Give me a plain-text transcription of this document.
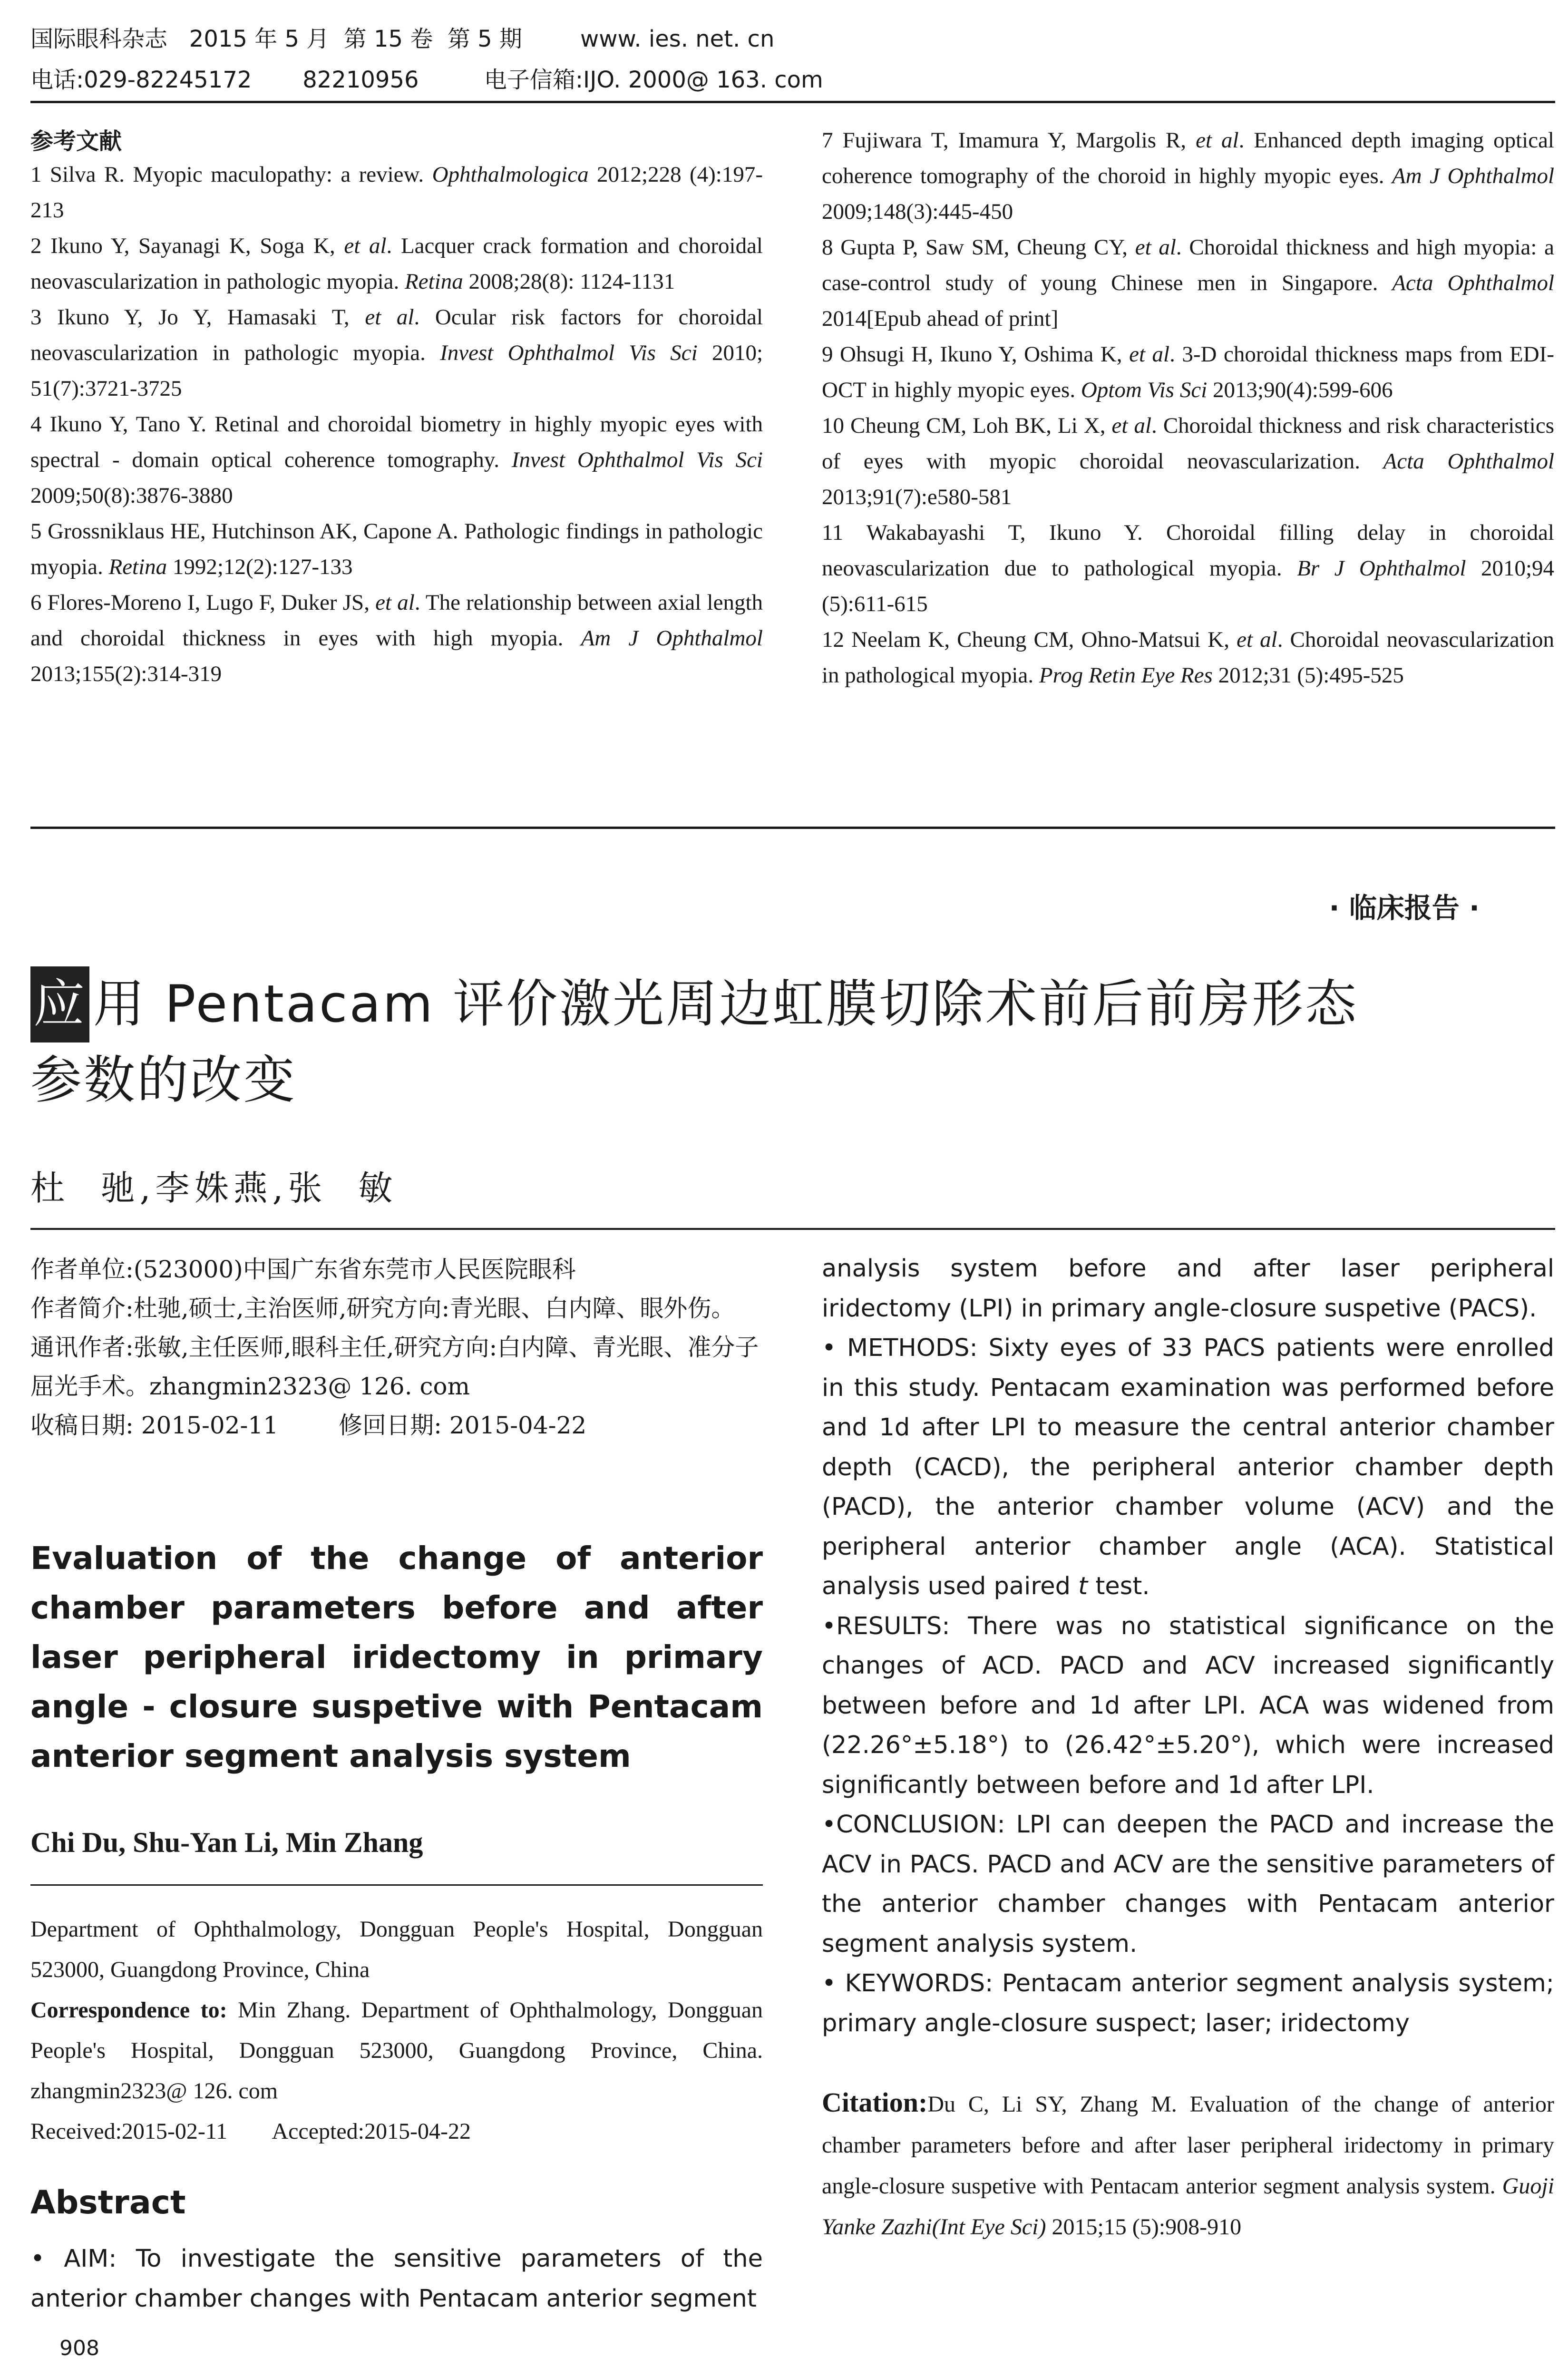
国际眼科杂志   2015 年 5 月  第 15 卷  第 5 期        www. ies. net. cn
电话:029-82245172       82210956         电子信箱:IJO. 2000@ 163. com
参考文献

1 Silva R. Myopic maculopathy: a review. Ophthalmologica 2012;228 (4):197-213

2 Ikuno Y, Sayanagi K, Soga K, et al. Lacquer crack formation and choroidal neovascularization in pathologic myopia. Retina 2008;28(8): 1124-1131

3 Ikuno Y, Jo Y, Hamasaki T, et al. Ocular risk factors for choroidal neovascularization in pathologic myopia. Invest Ophthalmol Vis Sci 2010; 51(7):3721-3725

4 Ikuno Y, Tano Y. Retinal and choroidal biometry in highly myopic eyes with spectral - domain optical coherence tomography. Invest Ophthalmol Vis Sci 2009;50(8):3876-3880

5 Grossniklaus HE, Hutchinson AK, Capone A. Pathologic findings in pathologic myopia. Retina 1992;12(2):127-133

6 Flores-Moreno I, Lugo F, Duker JS, et al. The relationship between axial length and choroidal thickness in eyes with high myopia. Am J Ophthalmol 2013;155(2):314-319

7 Fujiwara T, Imamura Y, Margolis R, et al. Enhanced depth imaging optical coherence tomography of the choroid in highly myopic eyes. Am J Ophthalmol 2009;148(3):445-450

8 Gupta P, Saw SM, Cheung CY, et al. Choroidal thickness and high myopia: a case-control study of young Chinese men in Singapore. Acta Ophthalmol 2014[Epub ahead of print]

9 Ohsugi H, Ikuno Y, Oshima K, et al. 3-D choroidal thickness maps from EDI-OCT in highly myopic eyes. Optom Vis Sci 2013;90(4):599-606

10 Cheung CM, Loh BK, Li X, et al. Choroidal thickness and risk characteristics of eyes with myopic choroidal neovascularization. Acta Ophthalmol 2013;91(7):e580-581

11 Wakabayashi T, Ikuno Y. Choroidal filling delay in choroidal neovascularization due to pathological myopia. Br J Ophthalmol 2010;94 (5):611-615

12 Neelam K, Cheung CM, Ohno-Matsui K, et al. Choroidal neovascularization in pathological myopia. Prog Retin Eye Res 2012;31 (5):495-525

· 临床报告 ·
应 用 Pentacam 评价激光周边虹膜切除术前后前房形态
参数的改变
杜  驰,李姝燕,张  敏

作者单位:(523000)中国广东省东莞市人民医院眼科

作者简介:杜驰,硕士,主治医师,研究方向:青光眼、白内障、眼外伤。

通讯作者:张敏,主任医师,眼科主任,研究方向:白内障、青光眼、准分子屈光手术。zhangmin2323@ 126. com

收稿日期: 2015-02-11        修回日期: 2015-04-22

Evaluation of the change of anterior chamber parameters before and after laser peripheral iridectomy in primary angle - closure suspetive with Pentacam anterior segment analysis system
Chi Du, Shu-Yan Li, Min Zhang

Department of Ophthalmology, Dongguan People's Hospital, Dongguan 523000, Guangdong Province, China

Correspondence to: Min Zhang. Department of Ophthalmology, Dongguan People's Hospital, Dongguan 523000, Guangdong Province, China. zhangmin2323@ 126. com

Received:2015-02-11        Accepted:2015-04-22

Abstract
• AIM: To investigate the sensitive parameters of the anterior chamber changes with Pentacam anterior segment

analysis system before and after laser peripheral iridectomy (LPI) in primary angle-closure suspetive (PACS).

• METHODS: Sixty eyes of 33 PACS patients were enrolled in this study. Pentacam examination was performed before and 1d after LPI to measure the central anterior chamber depth (CACD), the peripheral anterior chamber depth (PACD), the anterior chamber volume (ACV) and the peripheral anterior chamber angle (ACA). Statistical analysis used paired t test.

•RESULTS: There was no statistical significance on the changes of ACD. PACD and ACV increased significantly between before and 1d after LPI. ACA was widened from (22.26°±5.18°) to (26.42°±5.20°), which were increased significantly between before and 1d after LPI.

•CONCLUSION: LPI can deepen the PACD and increase the ACV in PACS. PACD and ACV are the sensitive parameters of the anterior chamber changes with Pentacam anterior segment analysis system.

• KEYWORDS: Pentacam anterior segment analysis system; primary angle-closure suspect; laser; iridectomy

Citation:Du C, Li SY, Zhang M. Evaluation of the change of anterior chamber parameters before and after laser peripheral iridectomy in primary angle-closure suspetive with Pentacam anterior segment analysis system. Guoji Yanke Zazhi(Int Eye Sci) 2015;15 (5):908-910
908
